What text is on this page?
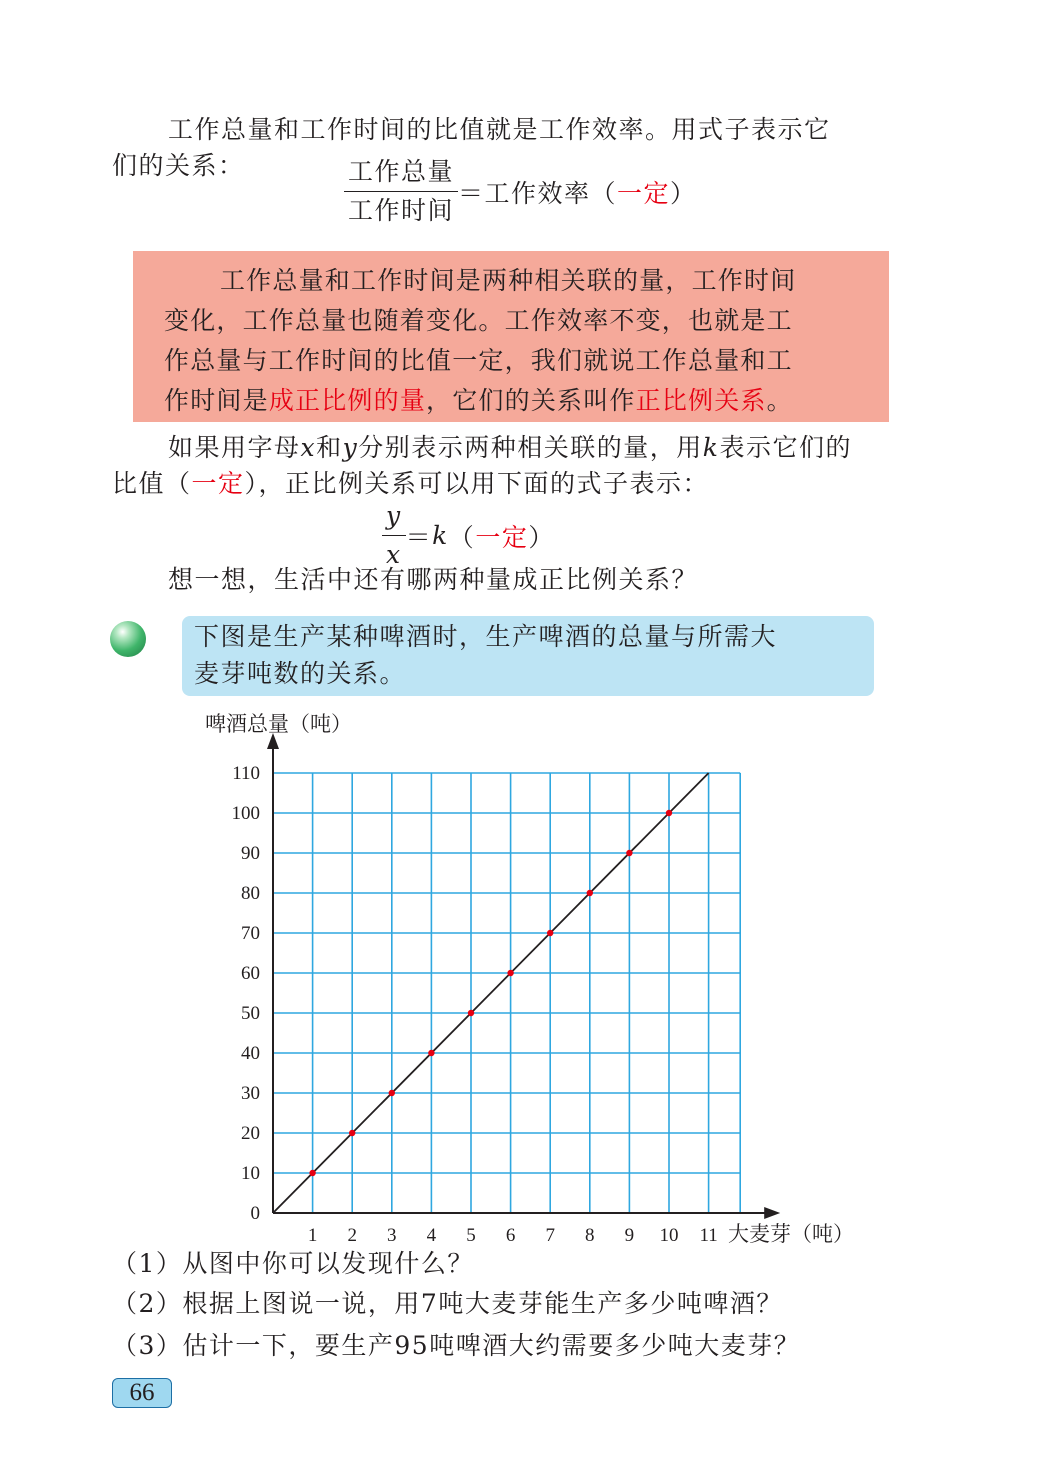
工作总量和工作时间的比值就是工作效率。用式子表示它
们的关系：	$\frac{\text{工作总量}}{\text{工作时间}}$ ＝工作效率（ 一定 ）
工作总量和工作时间是两种相关联的量，工作时间
变化，工作总量也随着变化。工作效率不变，也就是工
作总量与工作时间的比值一定，我们就说工作总量和工
作时间是成正比例的量，它们的关系叫作正比例关系。
如果用字母x和y分别表示两种相关联的量，用k表示它们的
比值（一定），正比例关系可以用下面的式子表示：
$\frac{y}{x} = k$ （ 一定 ）
想一想，生活中还有哪两种量成正比例关系？
下图是生产某种啤酒时，生产啤酒的总量与所需大
麦芽吨数的关系。
0
10
20
30
40
50
60
70
80
90
100
110
1 2 3 4 5 6 7 8 9 10 11
啤酒总量（吨）
大麦芽（吨）
（1）从图中你可以发现什么？
（2）根据上图说一说，用7吨大麦芽能生产多少吨啤酒？
（3）估计一下，要生产95吨啤酒大约需要多少吨大麦芽？
66
